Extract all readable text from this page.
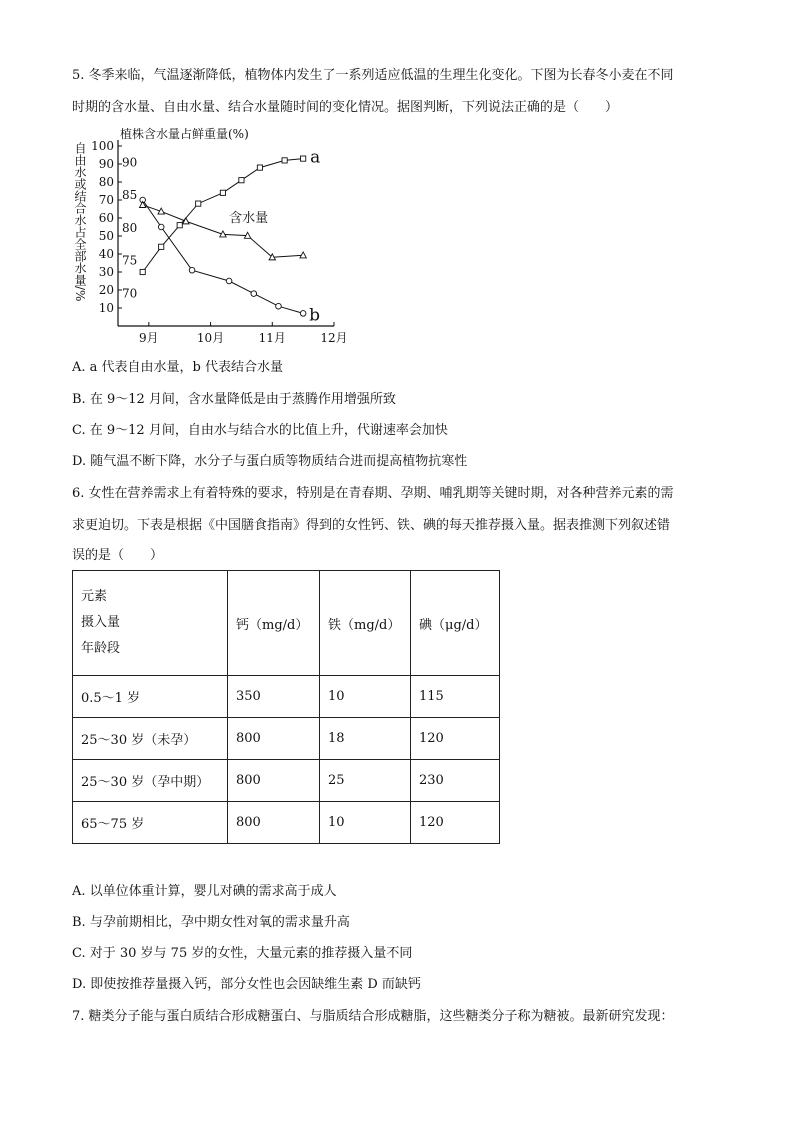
5. 冬季来临，气温逐渐降低，植物体内发生了一系列适应低温的生理生化变化。下图为长春冬小麦在不同
时期的含水量、自由水量、结合水量随时间的变化情况。据图判断，下列说法正确的是（　　）
100
90
80
70
60
50
40
30
20
10
90
85
80
75
70
9月	10月	11月	12月
植株含水量占鲜重量(%)
自由水或结合水占全部水量/%	a
b
含水量
A. a 代表自由水量，b 代表结合水量
B. 在 9～12 月间，含水量降低是由于蒸腾作用增强所致
C. 在 9～12 月间，自由水与结合水的比值上升，代谢速率会加快
D. 随气温不断下降，水分子与蛋白质等物质结合进而提高植物抗寒性
6. 女性在营养需求上有着特殊的要求，特别是在青春期、孕期、哺乳期等关键时期，对各种营养元素的需
求更迫切。下表是根据《中国膳食指南》得到的女性钙、铁、碘的每天推荐摄入量。据表推测下列叙述错
误的是（　　）
元素
摄入量
年龄段	钙（mg/d）	铁（mg/d）	碘（μg/d）
0.5～1 岁	350	10	115
25～30 岁（未孕）	800	18	120
25～30 岁（孕中期）	800	25	230
65～75 岁	800	10	120
A. 以单位体重计算，婴儿对碘的需求高于成人
B. 与孕前期相比，孕中期女性对氧的需求量升高
C. 对于 30 岁与 75 岁的女性，大量元素的推荐摄入量不同
D. 即使按推荐量摄入钙，部分女性也会因缺维生素 D 而缺钙
7. 糖类分子能与蛋白质结合形成糖蛋白、与脂质结合形成糖脂，这些糖类分子称为糖被。最新研究发现：
